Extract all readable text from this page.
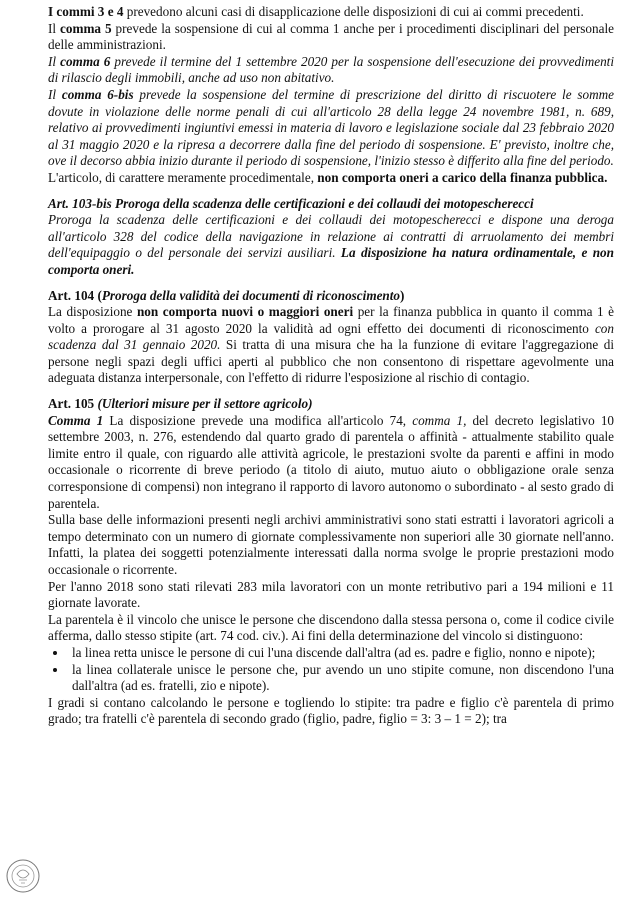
I commi 3 e 4 prevedono alcuni casi di disapplicazione delle disposizioni di cui ai commi precedenti.

Il comma 5 prevede la sospensione di cui al comma 1 anche per i procedimenti disciplinari del personale delle amministrazioni.

Il comma 6 prevede il termine del 1 settembre 2020 per la sospensione dell'esecuzione dei provvedimenti di rilascio degli immobili, anche ad uso non abitativo.

Il comma 6-bis prevede la sospensione del termine di prescrizione del diritto di riscuotere le somme dovute in violazione delle norme penali di cui all'articolo 28 della legge 24 novembre 1981, n. 689, relativo ai provvedimenti ingiuntivi emessi in materia di lavoro e legislazione sociale dal 23 febbraio 2020 al 31 maggio 2020 e la ripresa a decorrere dalla fine del periodo di sospensione. E' previsto, inoltre che, ove il decorso abbia inizio durante il periodo di sospensione, l'inizio stesso è differito alla fine del periodo.

L'articolo, di carattere meramente procedimentale, non comporta oneri a carico della finanza pubblica.

Art. 103-bis Proroga della scadenza delle certificazioni e dei collaudi dei motopescherecci

Proroga la scadenza delle certificazioni e dei collaudi dei motopescherecci e dispone una deroga all'articolo 328 del codice della navigazione in relazione ai contratti di arruolamento dei membri dell'equipaggio o del personale dei servizi ausiliari. La disposizione ha natura ordinamentale, e non comporta oneri.

Art. 104 (Proroga della validità dei documenti di riconoscimento)

La disposizione non comporta nuovi o maggiori oneri per la finanza pubblica in quanto il comma 1 è volto a prorogare al 31 agosto 2020 la validità ad ogni effetto dei documenti di riconoscimento con scadenza dal 31 gennaio 2020. Si tratta di una misura che ha la funzione di evitare l'aggregazione di persone negli spazi degli uffici aperti al pubblico che non consentono di rispettare agevolmente una adeguata distanza interpersonale, con l'effetto di ridurre l'esposizione al rischio di contagio.

Art. 105 (Ulteriori misure per il settore agricolo)

Comma 1 La disposizione prevede una modifica all'articolo 74, comma 1, del decreto legislativo 10 settembre 2003, n. 276, estendendo dal quarto grado di parentela o affinità - attualmente stabilito quale limite entro il quale, con riguardo alle attività agricole, le prestazioni svolte da parenti e affini in modo occasionale o ricorrente di breve periodo (a titolo di aiuto, mutuo aiuto o obbligazione orale senza corresponsione di compensi) non integrano il rapporto di lavoro autonomo o subordinato - al sesto grado di parentela.

Sulla base delle informazioni presenti negli archivi amministrativi sono stati estratti i lavoratori agricoli a tempo determinato con un numero di giornate complessivamente non superiori alle 30 giornate nell'anno. Infatti, la platea dei soggetti potenzialmente interessati dalla norma svolge le proprie prestazioni modo occasionale o ricorrente.

Per l'anno 2018 sono stati rilevati 283 mila lavoratori con un monte retributivo pari a 194 milioni e 11 giornate lavorate.

La parentela è il vincolo che unisce le persone che discendono dalla stessa persona o, come il codice civile afferma, dallo stesso stipite (art. 74 cod. civ.). Ai fini della determinazione del vincolo si distinguono:

• la linea retta unisce le persone di cui l'una discende dall'altra (ad es. padre e figlio, nonno e nipote);
• la linea collaterale unisce le persone che, pur avendo un uno stipite comune, non discendono l'una dall'altra (ad es. fratelli, zio e nipote).

I gradi si contano calcolando le persone e togliendo lo stipite: tra padre e figlio c'è parentela di primo grado; tra fratelli c'è parentela di secondo grado (figlio, padre, figlio = 3: 3 – 1 = 2); tra
